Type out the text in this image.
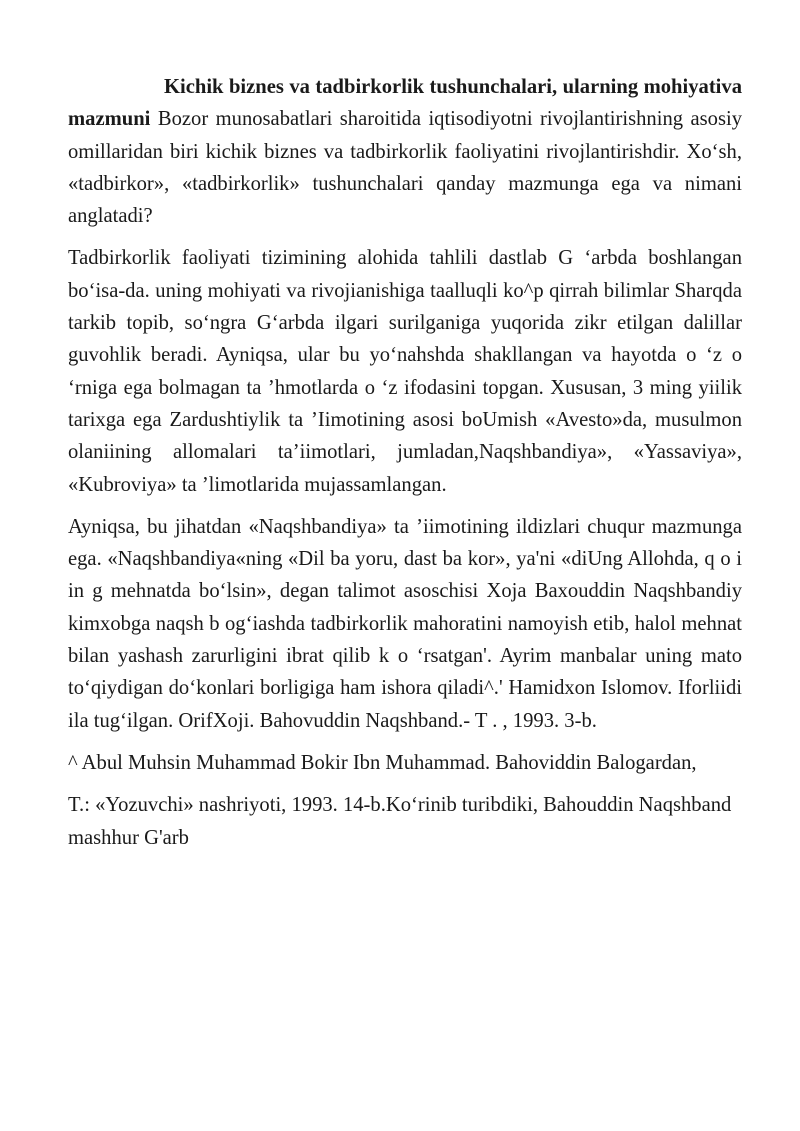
Kichik biznes va tadbirkorlik tushunchalari, ularning mohiyativa mazmuni Bozor munosabatlari sharoitida iqtisodiyotni rivojlantirishning asosiy omillaridan biri kichik biznes va tadbirkorlik faoliyatini rivojlantirishdir. Xo‘sh, «tadbirkor», «tadbirkorlik» tushunchalari qanday mazmunga ega va nimani anglatadi?

Tadbirkorlik faoliyati tizimining alohida tahlili dastlab G ‘arbda boshlangan bo‘isa-da. uning mohiyati va rivojianishiga taalluqli ko^p qirrah bilimlar Sharqda tarkib topib, so‘ngra G‘arbda ilgari surilganiga yuqorida zikr etilgan dalillar guvohlik beradi. Ayniqsa, ular bu yo‘nahshda shakllangan va hayotda o ‘z o ‘rniga ega bolmagan ta ’hmotlarda o ‘z ifodasini topgan. Xususan, 3 ming yiilik tarixga ega Zardushtiylik ta ’Iimotining asosi boUmish «Avesto»da, musulmon olaniining allomalari ta’iimotlari, jumladan,Naqshbandiya», «Yassaviya», «Kubroviya» ta ’limotlarida mujassamlangan.

Ayniqsa, bu jihatdan «Naqshbandiya» ta ’iimotining ildizlari chuqur mazmunga ega. «Naqshbandiya«ning «Dil ba yoru, dast ba kor», ya'ni «diUng Allohda, q o i in g mehnatda bo‘lsin», degan talimot asoschisi Xoja Baxouddin Naqshbandiy kimxobga naqsh b og‘iashda tadbirkorlik mahoratini namoyish etib, halol mehnat bilan yashash zarurligini ibrat qilib k o ‘rsatgan'. Ayrim manbalar uning mato to‘qiydigan do‘konlari borligiga ham ishora qiladi^.' Hamidxon Islomov. Iforliidi ila tug‘ilgan. OrifXoji. Bahovuddin Naqshband.- T . , 1993. 3-b.

^ Abul Muhsin Muhammad Bokir Ibn Muhammad. Bahoviddin Balogardan,

T.: «Yozuvchi» nashriyoti, 1993. 14-b.Ko‘rinib turibdiki, Bahouddin Naqshband mashhur G'arb
